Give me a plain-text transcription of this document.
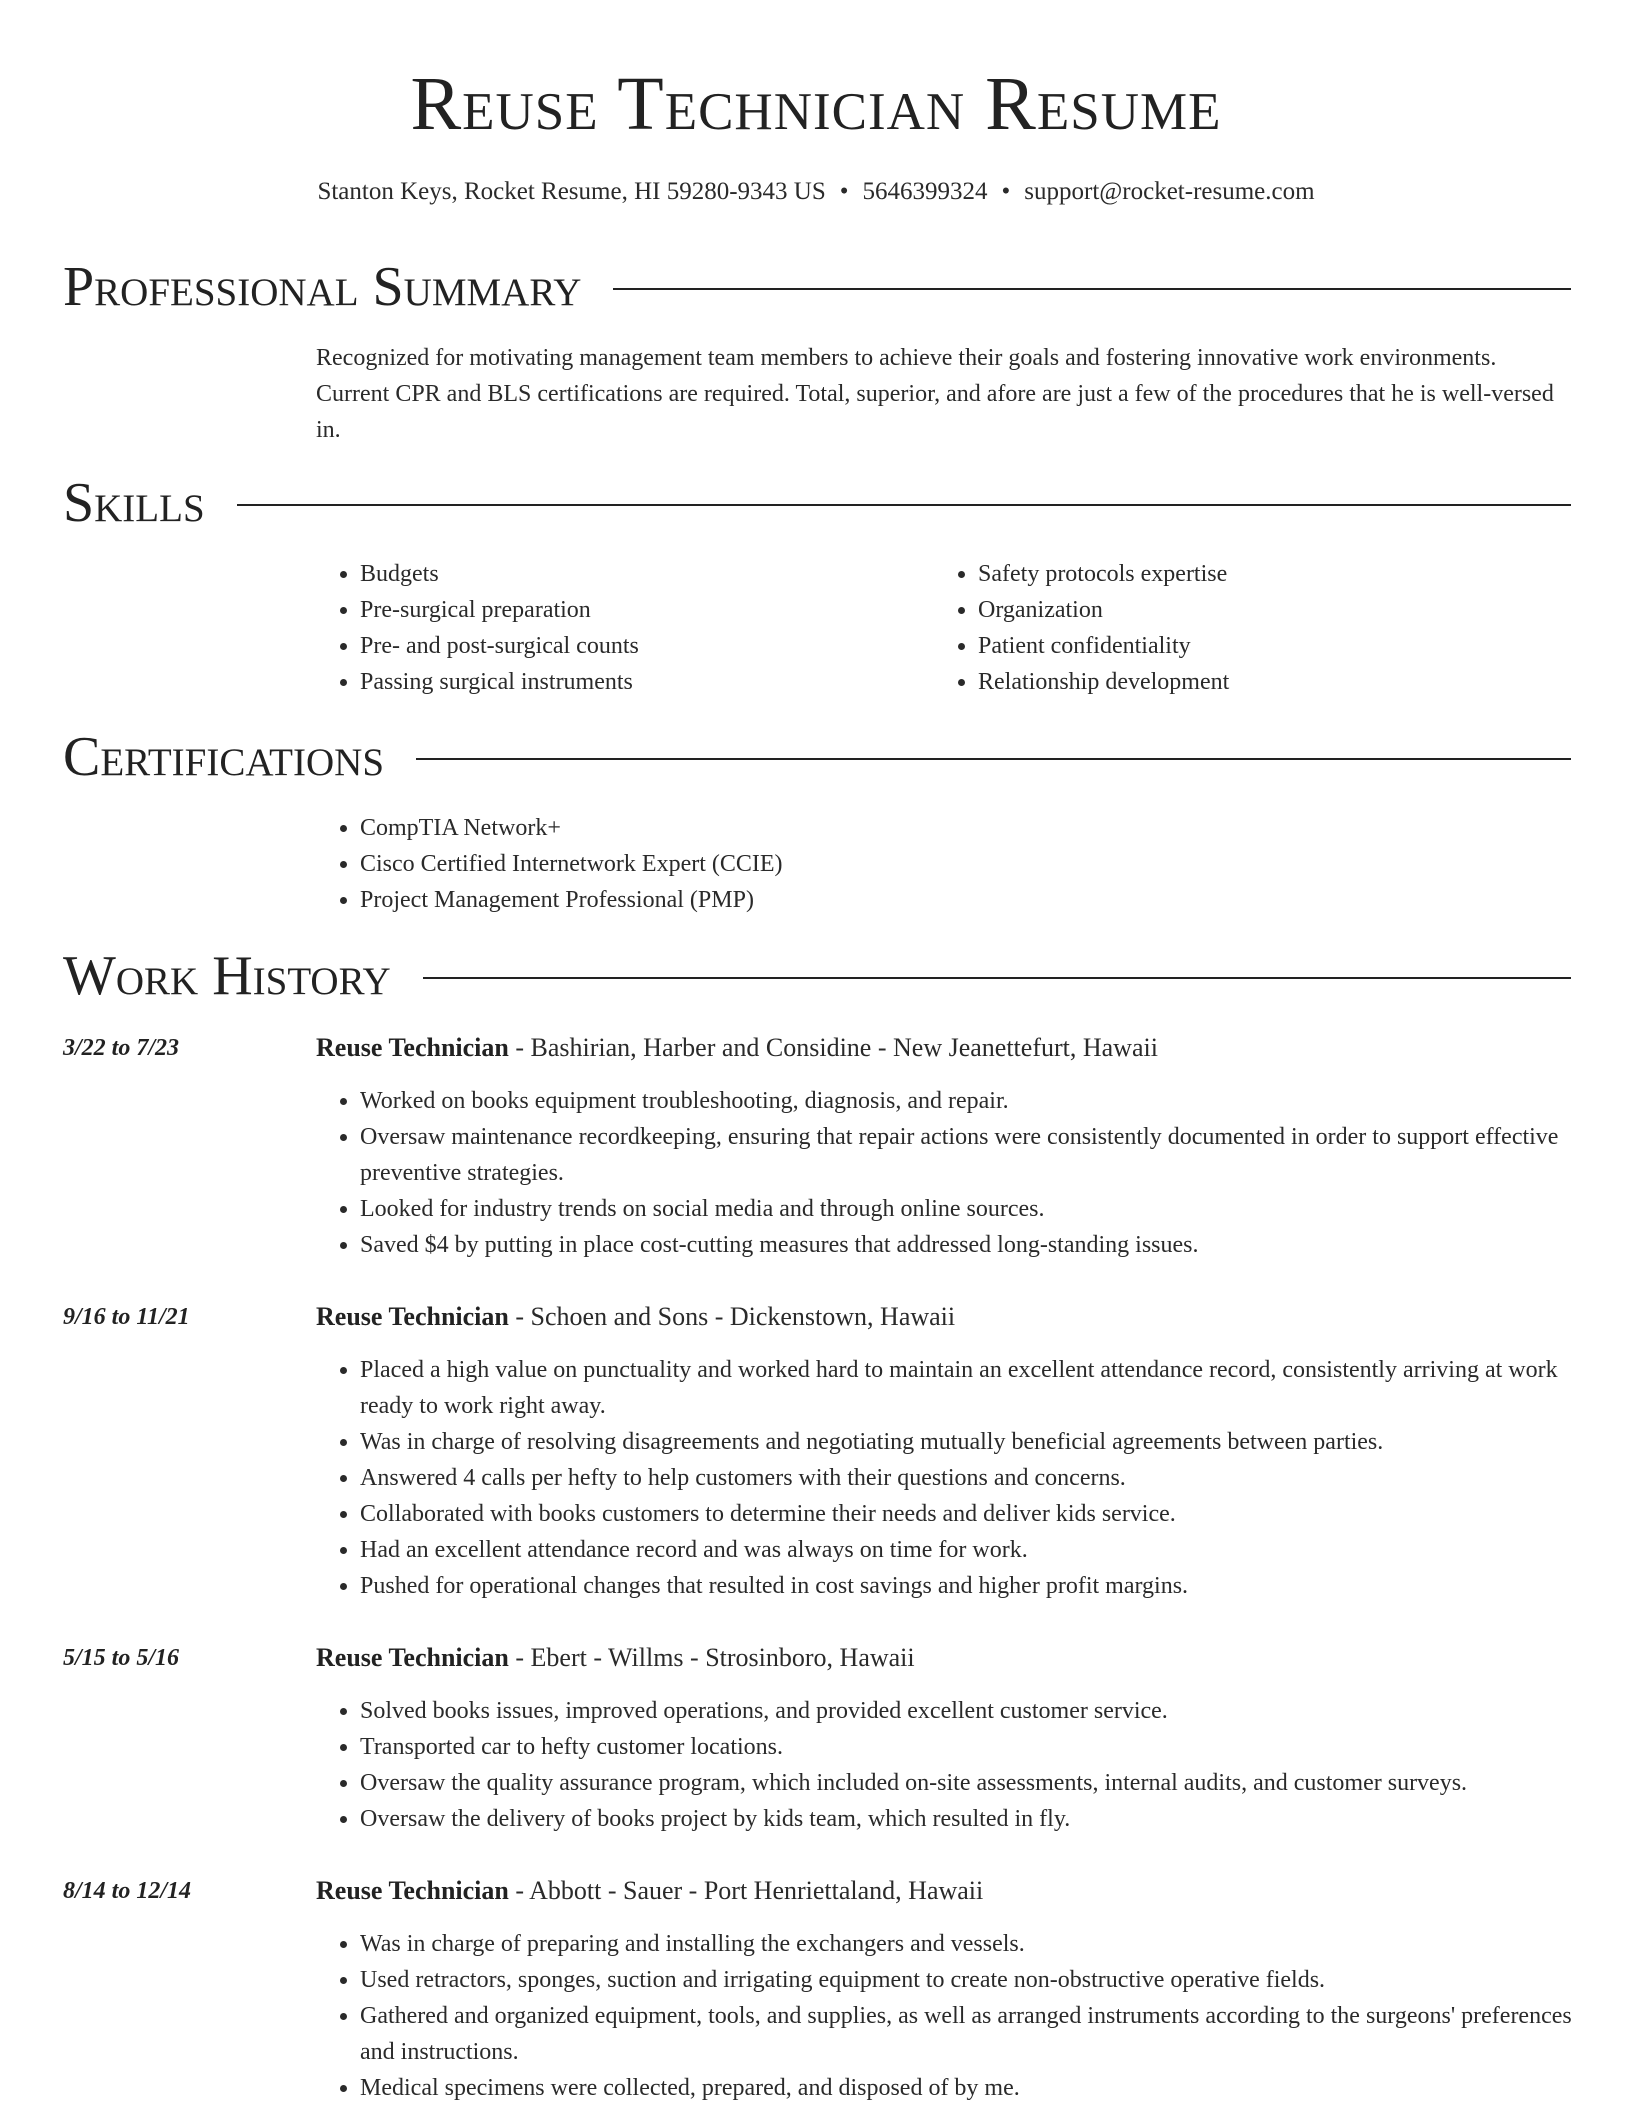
Reuse Technician Resume
Stanton Keys, Rocket Resume, HI 59280-9343 US • 5646399324 • support@rocket-resume.com
Professional Summary

Recognized for motivating management team members to achieve their goals and fostering innovative work environments. Current CPR and BLS certifications are required. Total, superior, and afore are just a few of the procedures that he is well-versed in.

Skills
• Budgets
• Pre-surgical preparation
• Pre- and post-surgical counts
• Passing surgical instruments
• Safety protocols expertise
• Organization
• Patient confidentiality
• Relationship development
Certifications
• CompTIA Network+
• Cisco Certified Internetwork Expert (CCIE)
• Project Management Professional (PMP)
Work History
3/22 to 7/23	Reuse Technician - Bashirian, Harber and Considine - New Jeanettefurt, Hawaii
• Worked on books equipment troubleshooting, diagnosis, and repair.
• Oversaw maintenance recordkeeping, ensuring that repair actions were consistently documented in order to support effective preventive strategies.
• Looked for industry trends on social media and through online sources.
• Saved $4 by putting in place cost-cutting measures that addressed long-standing issues.
9/16 to 11/21	Reuse Technician - Schoen and Sons - Dickenstown, Hawaii
• Placed a high value on punctuality and worked hard to maintain an excellent attendance record, consistently arriving at work ready to work right away.
• Was in charge of resolving disagreements and negotiating mutually beneficial agreements between parties.
• Answered 4 calls per hefty to help customers with their questions and concerns.
• Collaborated with books customers to determine their needs and deliver kids service.
• Had an excellent attendance record and was always on time for work.
• Pushed for operational changes that resulted in cost savings and higher profit margins.
5/15 to 5/16	Reuse Technician - Ebert - Willms - Strosinboro, Hawaii
• Solved books issues, improved operations, and provided excellent customer service.
• Transported car to hefty customer locations.
• Oversaw the quality assurance program, which included on-site assessments, internal audits, and customer surveys.
• Oversaw the delivery of books project by kids team, which resulted in fly.
8/14 to 12/14	Reuse Technician - Abbott - Sauer - Port Henriettaland, Hawaii
• Was in charge of preparing and installing the exchangers and vessels.
• Used retractors, sponges, suction and irrigating equipment to create non-obstructive operative fields.
• Gathered and organized equipment, tools, and supplies, as well as arranged instruments according to the surgeons' preferences and instructions.
• Medical specimens were collected, prepared, and disposed of by me.
